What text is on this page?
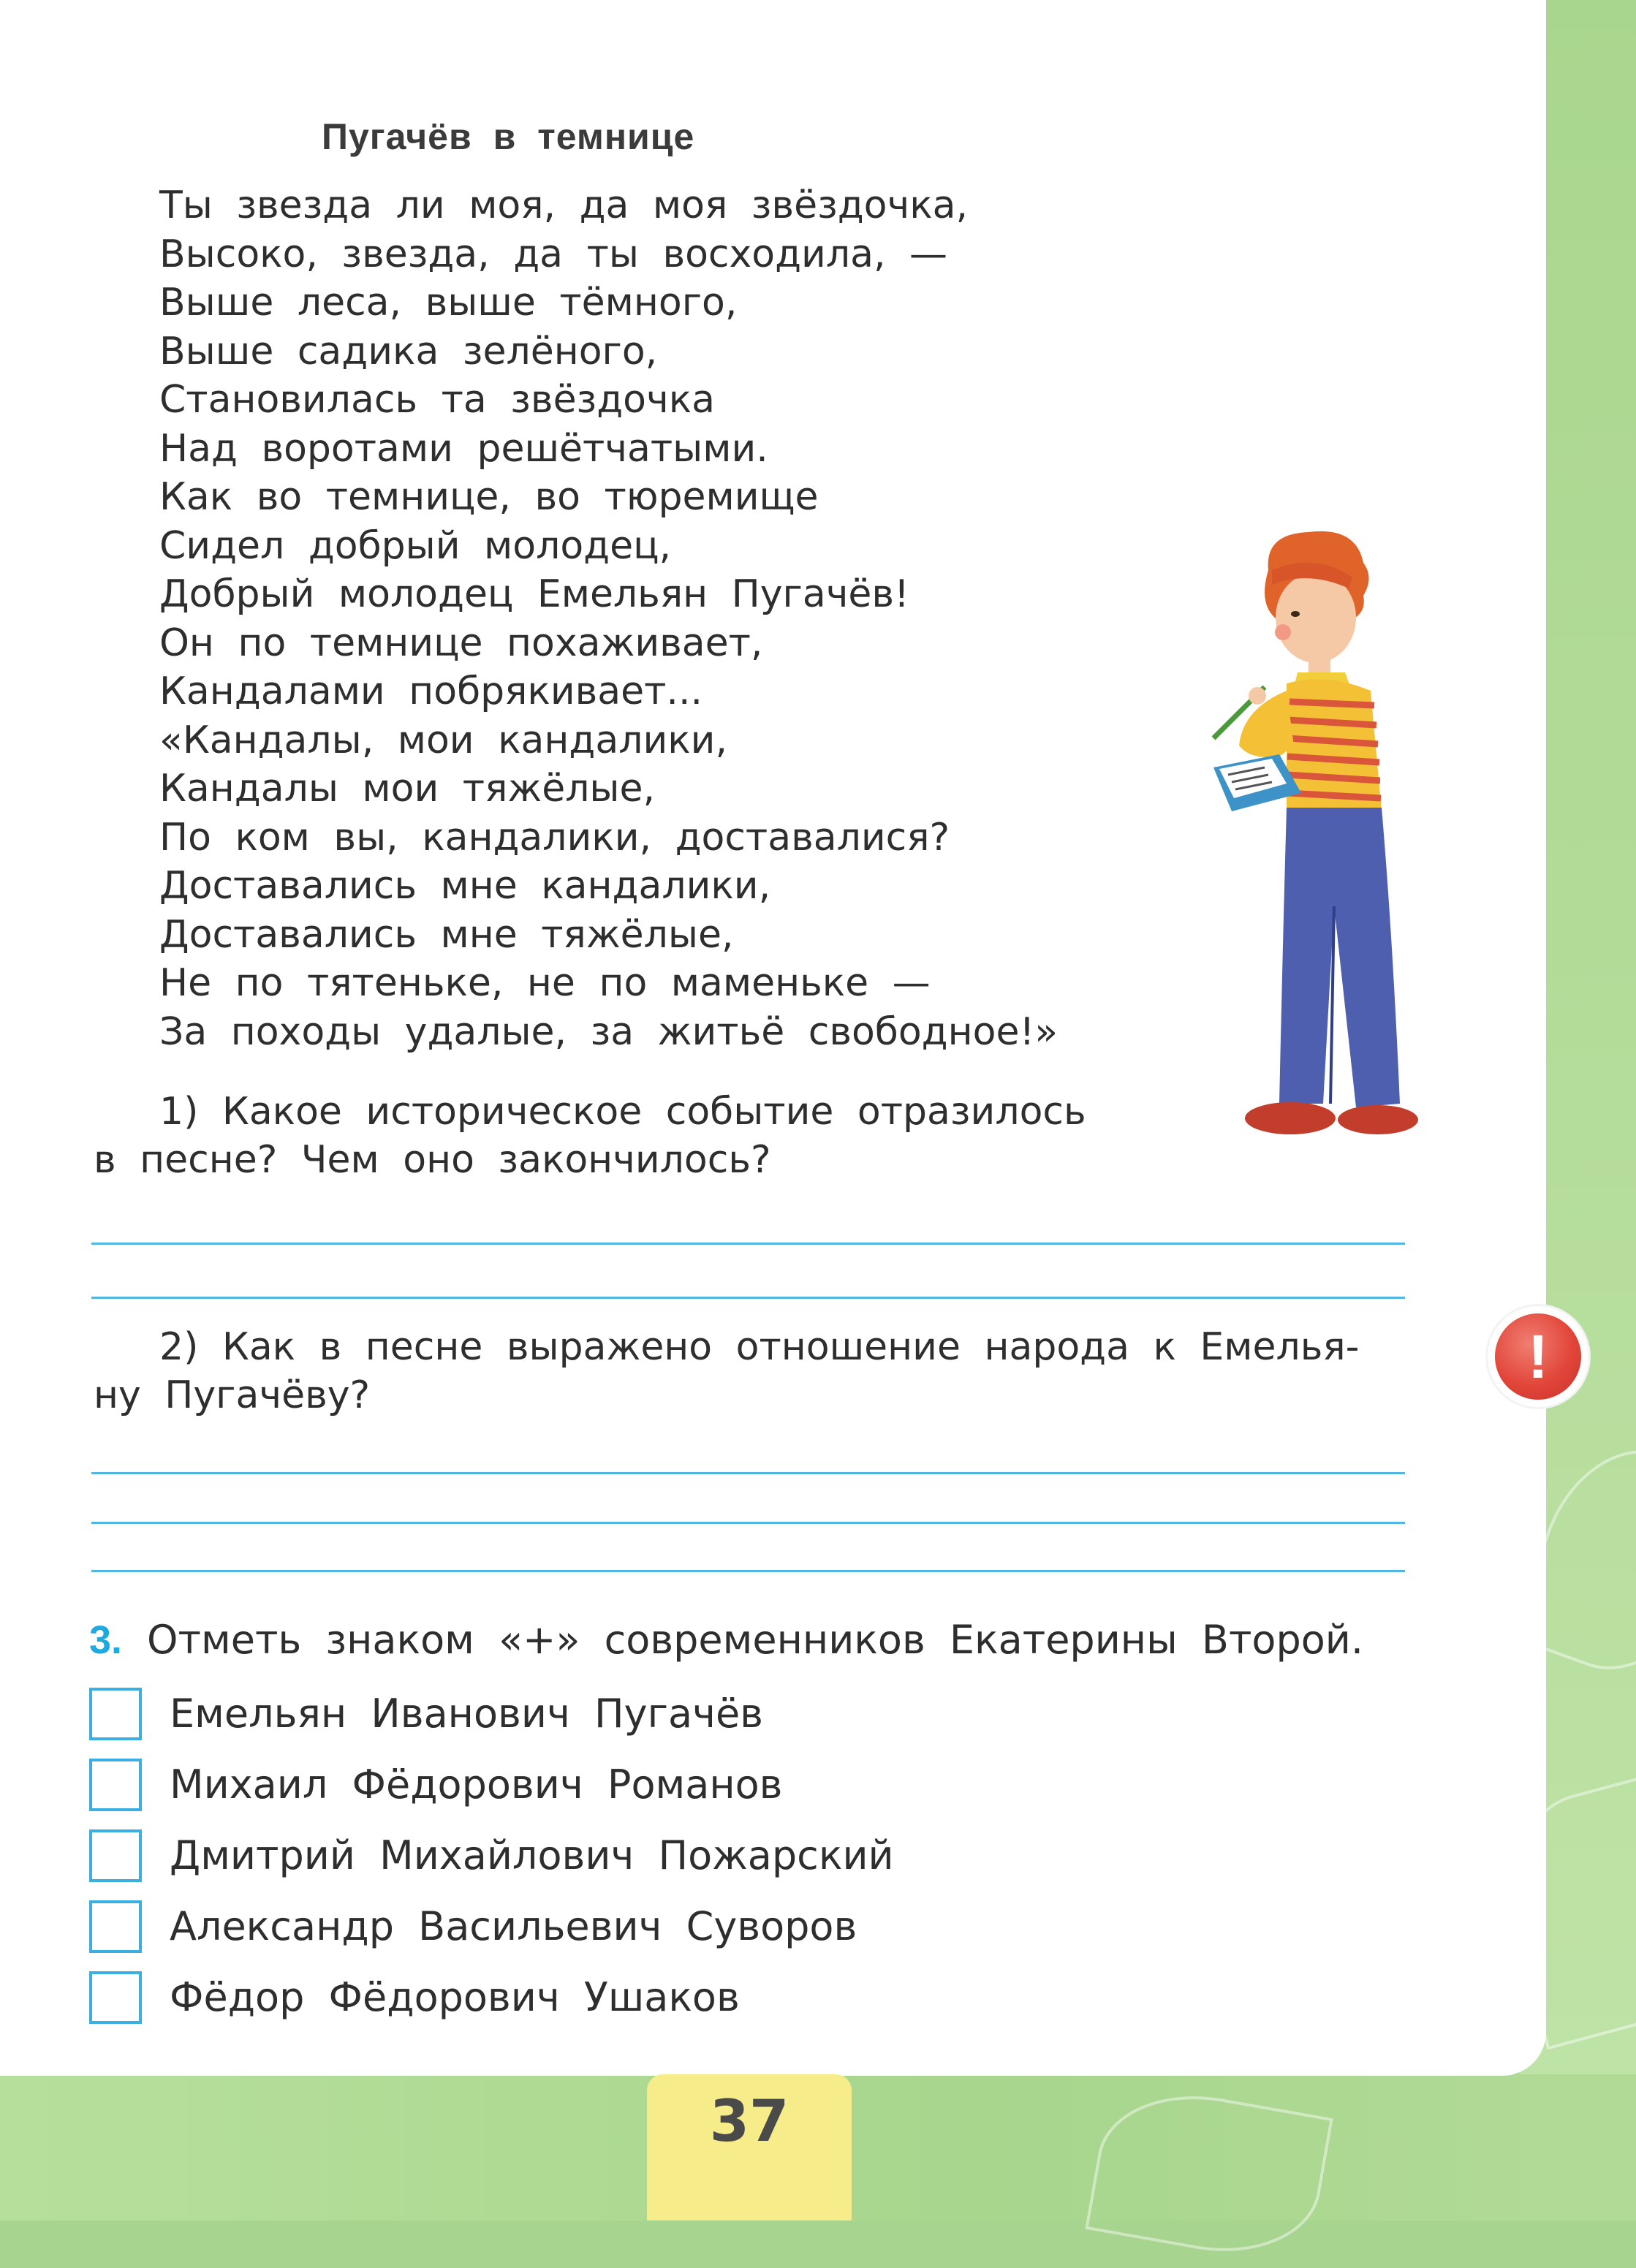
Пугачёв в темнице
Ты звезда ли моя, да моя звёздочка,
Высоко, звезда, да ты восходила, —
Выше леса, выше тёмного,
Выше садика зелёного,
Становилась та звёздочка
Над воротами решётчатыми.
Как во темнице, во тюремище
Сидел добрый молодец,
Добрый молодец Емельян Пугачёв!
Он по темнице похаживает,
Кандалами побрякивает...
«Кандалы, мои кандалики,
Кандалы мои тяжёлые,
По ком вы, кандалики, доставалися?
Доставались мне кандалики,
Доставались мне тяжёлые,
Не по тятеньке, не по маменьке —
За походы удалые, за житьё свободное!»
1) Какое историческое событие отразилось
в песне? Чем оно закончилось?
2) Как в песне выражено отношение народа к Емелья-
ну Пугачёву?
3. Отметь знаком «+» современников Екатерины Второй.
Емельян Иванович Пугачёв
Михаил Фёдорович Романов
Дмитрий Михайлович Пожарский
Александр Васильевич Суворов
Фёдор Фёдорович Ушаков
!
37
